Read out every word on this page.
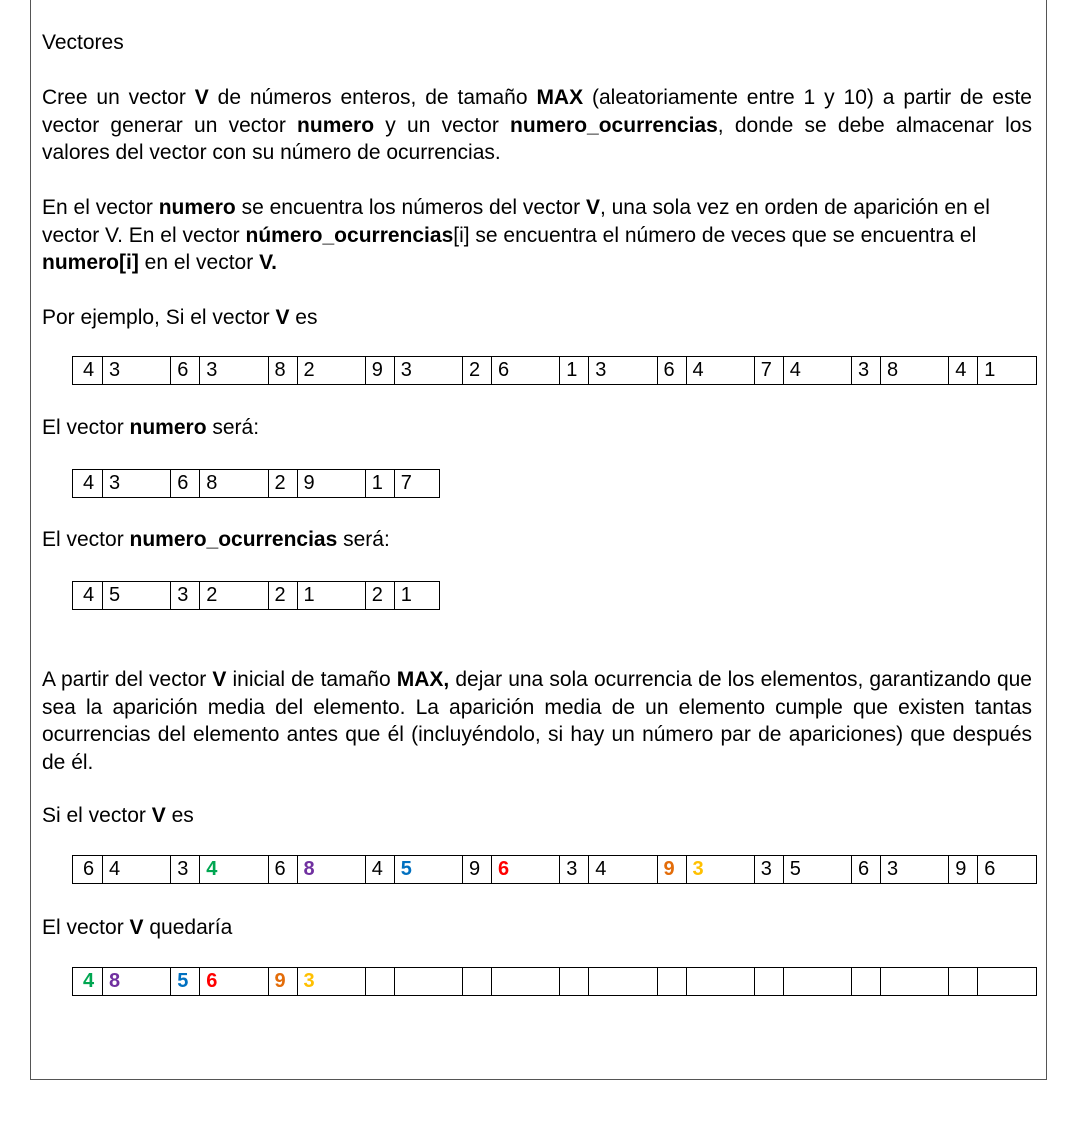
Vectores

Cree un vector V de números enteros, de tamaño MAX (aleatoriamente entre 1 y 10) a partir de este vector generar un vector numero y un vector numero_ocurrencias, donde se debe almacenar los valores del vector con su número de ocurrencias.

En el vector numero se encuentra los números del vector V, una sola vez en orden de aparición en el vector V. En el vector número_ocurrencias[i] se encuentra el número de veces que se encuentra el numero[i] en el vector V.

Por ejemplo, Si el vector V es

4 3	6 3	8 2	9 3	2 6	1 3	6 4	7 4	3 8	4 1

El vector numero será:

4 3	6 8	2 9	1 7

El vector numero_ocurrencias será:

4 5	3 2	2 1	2 1

A partir del vector V inicial de tamaño MAX, dejar una sola ocurrencia de los elementos, garantizando que sea la aparición media del elemento. La aparición media de un elemento cumple que existen tantas ocurrencias del elemento antes que él (incluyéndolo, si hay un número par de apariciones) que después de él.

Si el vector V es

6 4	3 4	6 8	4 5	9 6	3 4	9 3	3 5	6 3	9 6

El vector V quedaría

4 8	5 6	9 3
